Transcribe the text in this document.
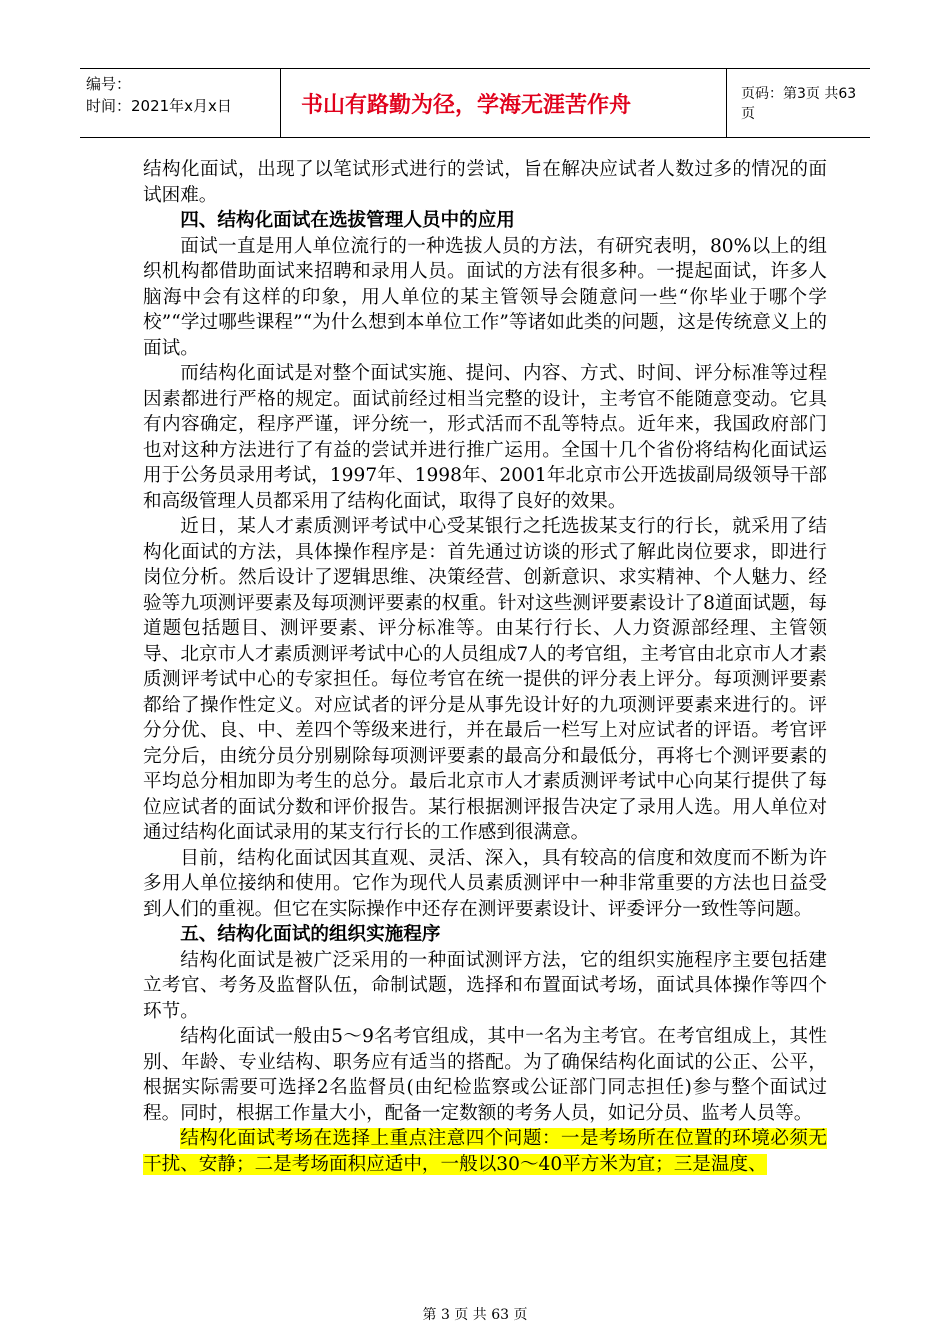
编号：
时间：2021年x月x日	书山有路勤为径，学海无涯苦作舟	页码：第3页 共63页

结构化面试，出现了以笔试形式进行的尝试，旨在解决应试者人数过多的情况的面试困难。

四、结构化面试在选拔管理人员中的应用

面试一直是用人单位流行的一种选拔人员的方法，有研究表明，80%以上的组织机构都借助面试来招聘和录用人员。面试的方法有很多种。一提起面试，许多人脑海中会有这样的印象，用人单位的某主管领导会随意问一些“你毕业于哪个学校”“学过哪些课程”“为什么想到本单位工作”等诸如此类的问题，这是传统意义上的面试。

而结构化面试是对整个面试实施、提问、内容、方式、时间、评分标准等过程因素都进行严格的规定。面试前经过相当完整的设计，主考官不能随意变动。它具有内容确定，程序严谨，评分统一，形式活而不乱等特点。近年来，我国政府部门也对这种方法进行了有益的尝试并进行推广运用。全国十几个省份将结构化面试运用于公务员录用考试，1997年、1998年、2001年北京市公开选拔副局级领导干部和高级管理人员都采用了结构化面试，取得了良好的效果。

近日，某人才素质测评考试中心受某银行之托选拔某支行的行长，就采用了结构化面试的方法，具体操作程序是：首先通过访谈的形式了解此岗位要求，即进行岗位分析。然后设计了逻辑思维、决策经营、创新意识、求实精神、个人魅力、经验等九项测评要素及每项测评要素的权重。针对这些测评要素设计了8道面试题，每道题包括题目、测评要素、评分标准等。由某行行长、人力资源部经理、主管领导、北京市人才素质测评考试中心的人员组成7人的考官组，主考官由北京市人才素质测评考试中心的专家担任。每位考官在统一提供的评分表上评分。每项测评要素都给了操作性定义。对应试者的评分是从事先设计好的九项测评要素来进行的。评分分优、良、中、差四个等级来进行，并在最后一栏写上对应试者的评语。考官评完分后，由统分员分别剔除每项测评要素的最高分和最低分，再将七个测评要素的平均总分相加即为考生的总分。最后北京市人才素质测评考试中心向某行提供了每位应试者的面试分数和评价报告。某行根据测评报告决定了录用人选。用人单位对通过结构化面试录用的某支行行长的工作感到很满意。

目前，结构化面试因其直观、灵活、深入，具有较高的信度和效度而不断为许多用人单位接纳和使用。它作为现代人员素质测评中一种非常重要的方法也日益受到人们的重视。但它在实际操作中还存在测评要素设计、评委评分一致性等问题。

五、结构化面试的组织实施程序

结构化面试是被广泛采用的一种面试测评方法，它的组织实施程序主要包括建立考官、考务及监督队伍，命制试题，选择和布置面试考场，面试具体操作等四个环节。

结构化面试一般由5～9名考官组成，其中一名为主考官。在考官组成上，其性别、年龄、专业结构、职务应有适当的搭配。为了确保结构化面试的公正、公平，根据实际需要可选择2名监督员(由纪检监察或公证部门同志担任)参与整个面试过程。同时，根据工作量大小，配备一定数额的考务人员，如记分员、监考人员等。

结构化面试考场在选择上重点注意四个问题：一是考场所在位置的环境必须无干扰、安静；二是考场面积应适中，一般以30～40平方米为宜；三是温度、

第 3 页 共 63 页
